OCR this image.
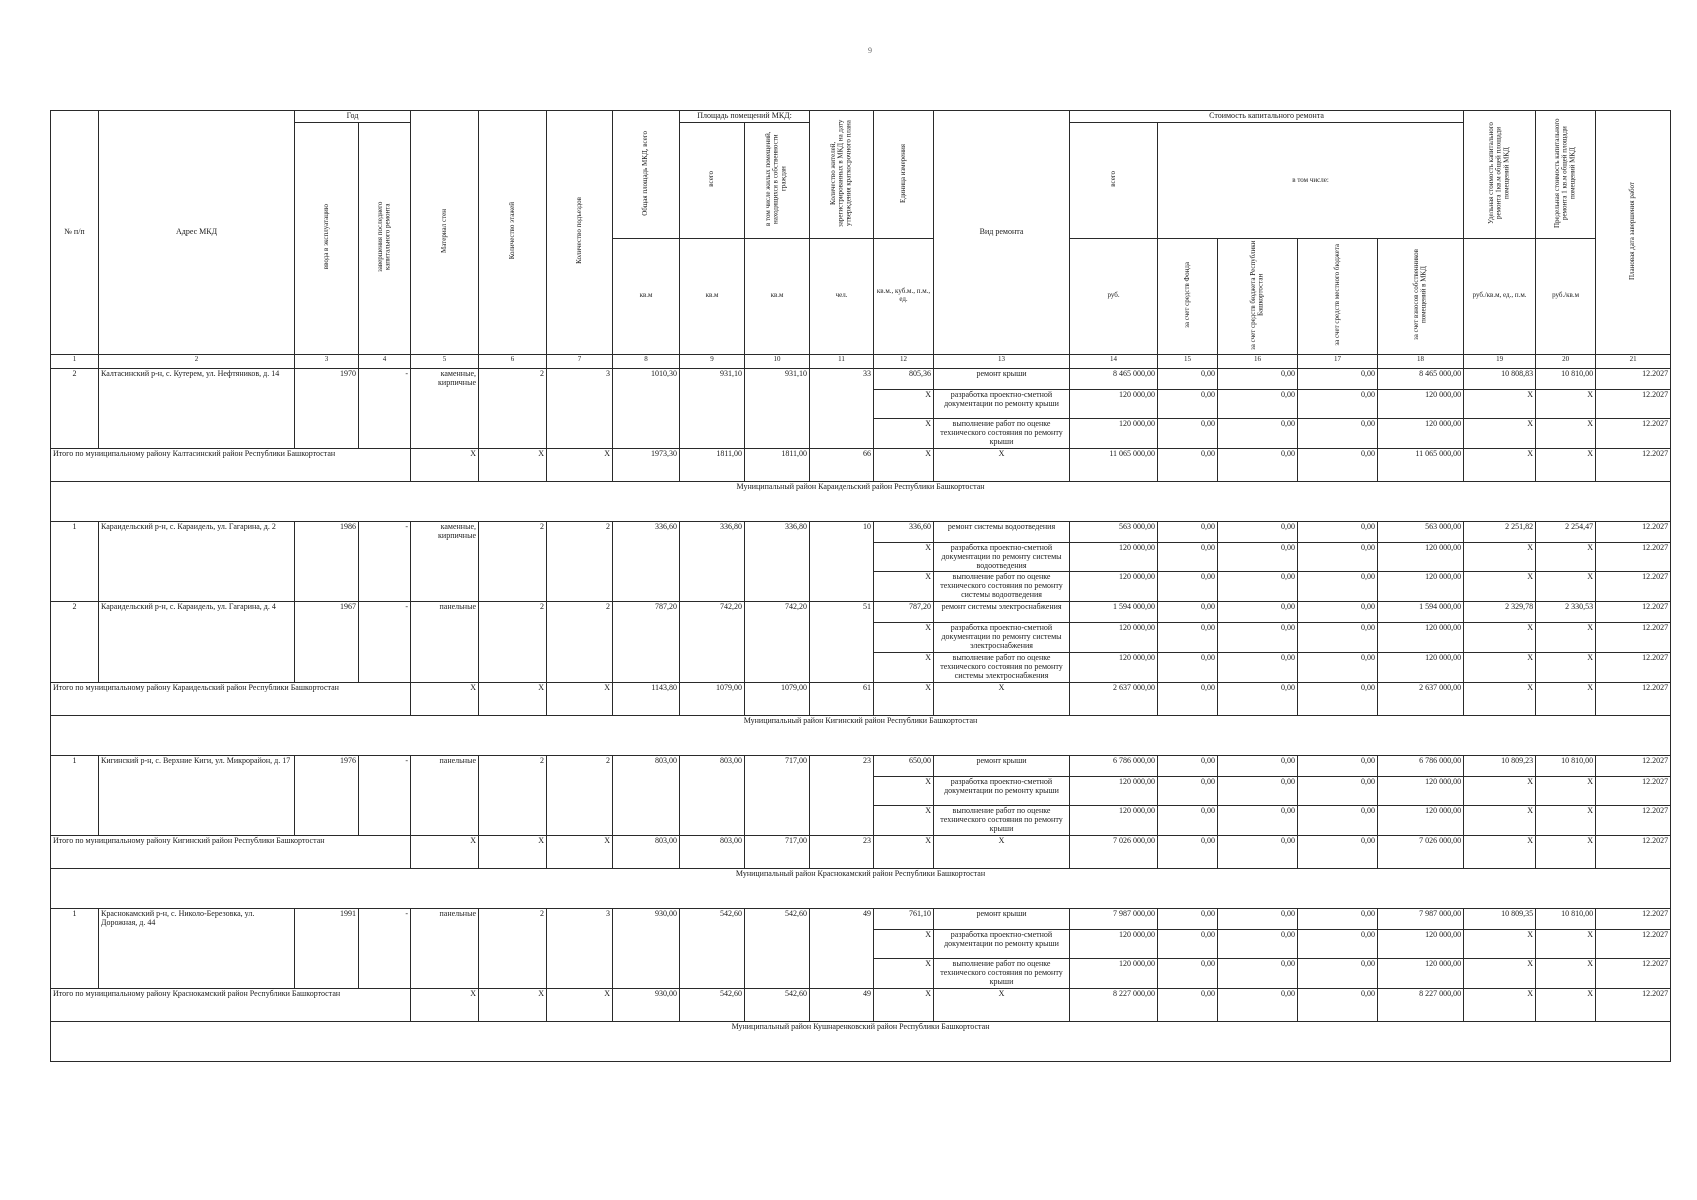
9
№ п/п	Адрес МКД	Год		Материал стен	Количество этажей	Количество подъездов	Общая площадь МКД, всего	Площадь помещений МКД:		Количество жителей, зарегистрированных в МКД на дату утверждения краткосрочного плана	Единица измерения	Вид ремонта	Стоимость капитального ремонта					Удельная стоимость капитального ремонта 1кв.м общей площади помещений МКД	Предельная стоимость капитального ремонта 1 кв.м общей площади помещений МКД	Плановая дата завершения работ
		ввода в эксплуатацию	завершения последнего капитального ремонта					всего	в том числе жилых помещений, находящихся в собственности граждан				всего	в том числе:						
							кв.м	кв.м	кв.м	чел.	кв.м., куб.м., п.м., ед.		руб.	за счет средств Фонда	за счет средств бюджета Республики Башкортостан	за счет средств местного бюджета	за счет взносов собственников помещений в МКД	руб./кв.м, ед., п.м.	руб./кв.м	
1	2	3	4	5	6	7	8	9	10	11	12	13	14	15	16	17	18	19	20	21
2	Калтасинский р-н, с. Кутерем, ул. Нефтяников, д. 14	1970	-	каменные, кирпичные	2	3	1010,30	931,10	931,10	33	805,36	ремонт крыши	8 465 000,00	0,00	0,00	0,00	8 465 000,00	10 808,83	10 810,00	12.2027
											X	разработка проектно-сметной документации по ремонту крыши	120 000,00	0,00	0,00	0,00	120 000,00	X	X	12.2027
											X	выполнение работ по оценке технического состояния по ремонту крыши	120 000,00	0,00	0,00	0,00	120 000,00	X	X	12.2027
Итого по муниципальному району Калтасинский район Республики Башкортостан				X	X	X	1973,30	1811,00	1811,00	66	X	X	11 065 000,00	0,00	0,00	0,00	11 065 000,00	X	X	12.2027
Муниципальный район Караидельский район Республики Башкортостан																				
1	Караидельский р-н, с. Караидель, ул. Гагарина, д. 2	1986	-	каменные, кирпичные	2	2	336,60	336,80	336,80	10	336,60	ремонт системы водоотведения	563 000,00	0,00	0,00	0,00	563 000,00	2 251,82	2 254,47	12.2027
											X	разработка проектно-сметной документации по ремонту системы водоотведения	120 000,00	0,00	0,00	0,00	120 000,00	X	X	12.2027
											X	выполнение работ по оценке технического состояния по ремонту системы водоотведения	120 000,00	0,00	0,00	0,00	120 000,00	X	X	12.2027
2	Караидельский р-н, с. Караидель, ул. Гагарина, д. 4	1967	-	панельные	2	2	787,20	742,20	742,20	51	787,20	ремонт системы электроснабжения	1 594 000,00	0,00	0,00	0,00	1 594 000,00	2 329,78	2 330,53	12.2027
											X	разработка проектно-сметной документации по ремонту системы электроснабжения	120 000,00	0,00	0,00	0,00	120 000,00	X	X	12.2027
											X	выполнение работ по оценке технического состояния по ремонту системы электроснабжения	120 000,00	0,00	0,00	0,00	120 000,00	X	X	12.2027
Итого по муниципальному району Караидельский район Республики Башкортостан				X	X	X	1143,80	1079,00	1079,00	61	X	X	2 637 000,00	0,00	0,00	0,00	2 637 000,00	X	X	12.2027
Муниципальный район Кигинский район Республики Башкортостан																				
1	Кигинский р-н, с. Верхние Киги, ул. Микрорайон, д. 17	1976	-	панельные	2	2	803,00	803,00	717,00	23	650,00	ремонт крыши	6 786 000,00	0,00	0,00	0,00	6 786 000,00	10 809,23	10 810,00	12.2027
											X	разработка проектно-сметной документации по ремонту крыши	120 000,00	0,00	0,00	0,00	120 000,00	X	X	12.2027
											X	выполнение работ по оценке технического состояния по ремонту крыши	120 000,00	0,00	0,00	0,00	120 000,00	X	X	12.2027
Итого по муниципальному району Кигинский район Республики Башкортостан				X	X	X	803,00	803,00	717,00	23	X	X	7 026 000,00	0,00	0,00	0,00	7 026 000,00	X	X	12.2027
Муниципальный район Краснокамский район Республики Башкортостан																				
1	Краснокамский р-н, с. Николо-Березовка, ул. Дорожная, д. 44	1991	-	панельные	2	3	930,00	542,60	542,60	49	761,10	ремонт крыши	7 987 000,00	0,00	0,00	0,00	7 987 000,00	10 809,35	10 810,00	12.2027
											X	разработка проектно-сметной документации по ремонту крыши	120 000,00	0,00	0,00	0,00	120 000,00	X	X	12.2027
											X	выполнение работ по оценке технического состояния по ремонту крыши	120 000,00	0,00	0,00	0,00	120 000,00	X	X	12.2027
Итого по муниципальному району Краснокамский район Республики Башкортостан				X	X	X	930,00	542,60	542,60	49	X	X	8 227 000,00	0,00	0,00	0,00	8 227 000,00	X	X	12.2027
Муниципальный район Кушнаренковский район Республики Башкортостан																				
